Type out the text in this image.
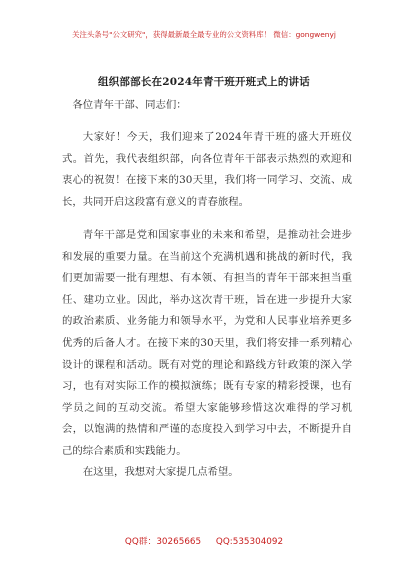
关注头条号"公文研究"，获得最新最全最专业的公文资料库！ 微信：gongwenyj
组织部部长在2024年青干班开班式上的讲话

各位青年干部、同志们：

大家好！今天，我们迎来了2024年青干班的盛大开班仪式。首先，我代表组织部，向各位青年干部表示热烈的欢迎和衷心的祝贺！在接下来的30天里，我们将一同学习、交流、成长，共同开启这段富有意义的青春旅程。

青年干部是党和国家事业的未来和希望，是推动社会进步和发展的重要力量。在当前这个充满机遇和挑战的新时代，我们更加需要一批有理想、有本领、有担当的青年干部来担当重任、建功立业。因此，举办这次青干班，旨在进一步提升大家的政治素质、业务能力和领导水平，为党和人民事业培养更多优秀的后备人才。在接下来的30天里，我们将安排一系列精心设计的课程和活动。既有对党的理论和路线方针政策的深入学习，也有对实际工作的模拟演练；既有专家的精彩授课，也有学员之间的互动交流。希望大家能够珍惜这次难得的学习机会，以饱满的热情和严谨的态度投入到学习中去，不断提升自己的综合素质和实践能力。

在这里，我想对大家提几点希望。

QQ群：30265665 QQ:535304092
